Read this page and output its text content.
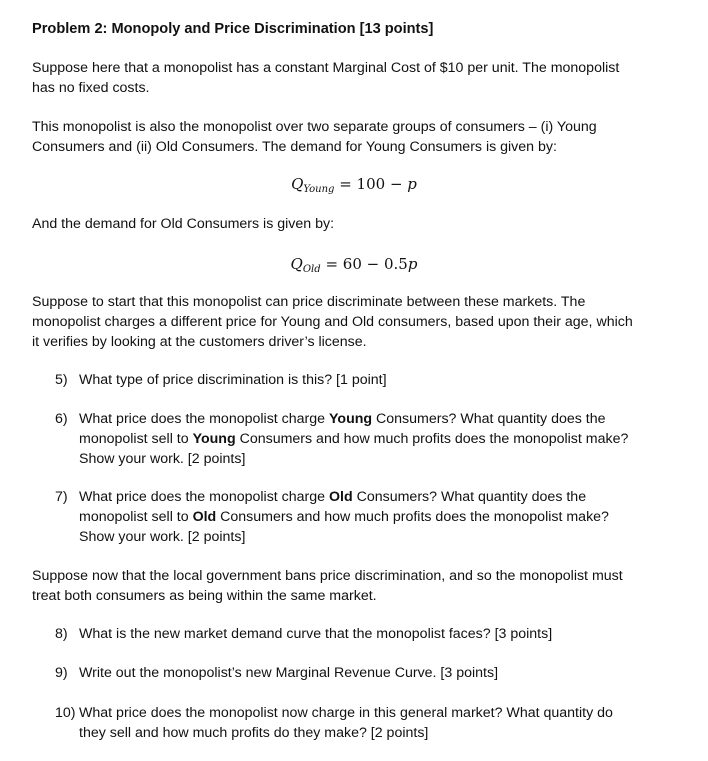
Problem 2: Monopoly and Price Discrimination [13 points]
Suppose here that a monopolist has a constant Marginal Cost of $10 per unit. The monopolist
has no fixed costs.
This monopolist is also the monopolist over two separate groups of consumers – (i) Young
Consumers and (ii) Old Consumers. The demand for Young Consumers is given by:
$Q_{Young} = 100 - p$
And the demand for Old Consumers is given by:
$Q_{Old} = 60 - 0.5p$
Suppose to start that this monopolist can price discriminate between these markets. The
monopolist charges a different price for Young and Old consumers, based upon their age, which
it verifies by looking at the customers driver’s license.
5) What type of price discrimination is this? [1 point]
6) What price does the monopolist charge Young Consumers? What quantity does the
monopolist sell to Young Consumers and how much profits does the monopolist make?
Show your work. [2 points]
7) What price does the monopolist charge Old Consumers? What quantity does the
monopolist sell to Old Consumers and how much profits does the monopolist make?
Show your work. [2 points]
Suppose now that the local government bans price discrimination, and so the monopolist must
treat both consumers as being within the same market.
8) What is the new market demand curve that the monopolist faces? [3 points]
9) Write out the monopolist’s new Marginal Revenue Curve. [3 points]
10) What price does the monopolist now charge in this general market? What quantity do
they sell and how much profits do they make? [2 points]
